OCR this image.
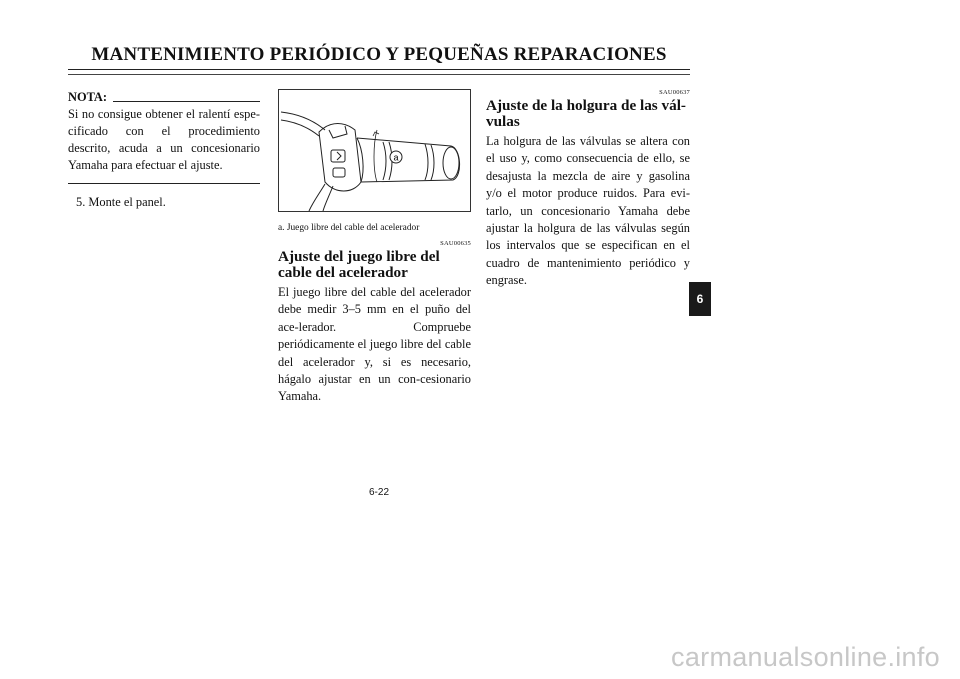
MANTENIMIENTO PERIÓDICO Y PEQUEÑAS REPARACIONES
NOTA:
Si no consigue obtener el ralentí espe-cificado con el procedimiento descrito, acuda a un concesionario Yamaha para efectuar el ajuste.
5. Monte el panel.
a
a. Juego libre del cable del acelerador
SAU00635
Ajuste del juego libre del cable del acelerador
El juego libre del cable del acelerador debe medir 3–5 mm en el puño del ace-lerador. Compruebe periódicamente el juego libre del cable del acelerador y, si es necesario, hágalo ajustar en un con-cesionario Yamaha.
SAU00637
Ajuste de la holgura de las vál-vulas
La holgura de las válvulas se altera con el uso y, como consecuencia de ello, se desajusta la mezcla de aire y gasolina y/o el motor produce ruidos. Para evi-tarlo, un concesionario Yamaha debe ajustar la holgura de las válvulas según los intervalos que se especifican en el cuadro de mantenimiento periódico y engrase.
6
6-22
carmanualsonline.info
